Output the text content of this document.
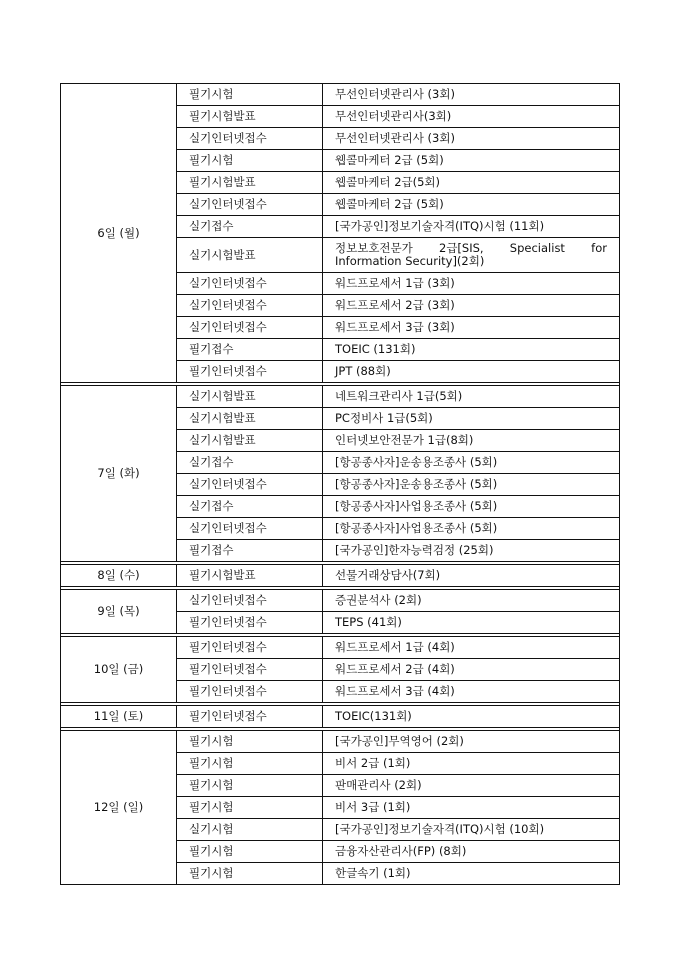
6일 (월)	필기시험	무선인터넷관리사 (3회)
	필기시험발표	무선인터넷관리사(3회)
	실기인터넷접수	무선인터넷관리사 (3회)
	필기시험	웹콜마케터 2급 (5회)
	필기시험발표	웹콜마케터 2급(5회)
	실기인터넷접수	웹콜마케터 2급 (5회)
	실기접수	[국가공인]정보기술자격(ITQ)시험 (11회)
	실기시험발표	정보보호전문가 2급[SIS, Specialist for Information Security](2회)
	실기인터넷접수	워드프로세서 1급 (3회)
	실기인터넷접수	워드프로세서 2급 (3회)
	실기인터넷접수	워드프로세서 3급 (3회)
	필기접수	TOEIC (131회)
	필기인터넷접수	JPT (88회)

7일 (화)	실기시험발표	네트워크관리사 1급(5회)
	실기시험발표	PC정비사 1급(5회)
	실기시험발표	인터넷보안전문가 1급(8회)
	실기접수	[항공종사자]운송용조종사 (5회)
	실기인터넷접수	[항공종사자]운송용조종사 (5회)
	실기접수	[항공종사자]사업용조종사 (5회)
	실기인터넷접수	[항공종사자]사업용조종사 (5회)
	필기접수	[국가공인]한자능력검정 (25회)

8일 (수)	필기시험발표	선물거래상담사(7회)

9일 (목)	실기인터넷접수	증권분석사 (2회)
	필기인터넷접수	TEPS (41회)

10일 (금)	필기인터넷접수	워드프로세서 1급 (4회)
	필기인터넷접수	워드프로세서 2급 (4회)
	필기인터넷접수	워드프로세서 3급 (4회)

11일 (토)	필기인터넷접수	TOEIC(131회)

12일 (일)	필기시험	[국가공인]무역영어 (2회)
	필기시험	비서 2급 (1회)
	필기시험	판매관리사 (2회)
	필기시험	비서 3급 (1회)
	실기시험	[국가공인]정보기술자격(ITQ)시험 (10회)
	필기시험	금융자산관리사(FP) (8회)
	필기시험	한글속기 (1회)
